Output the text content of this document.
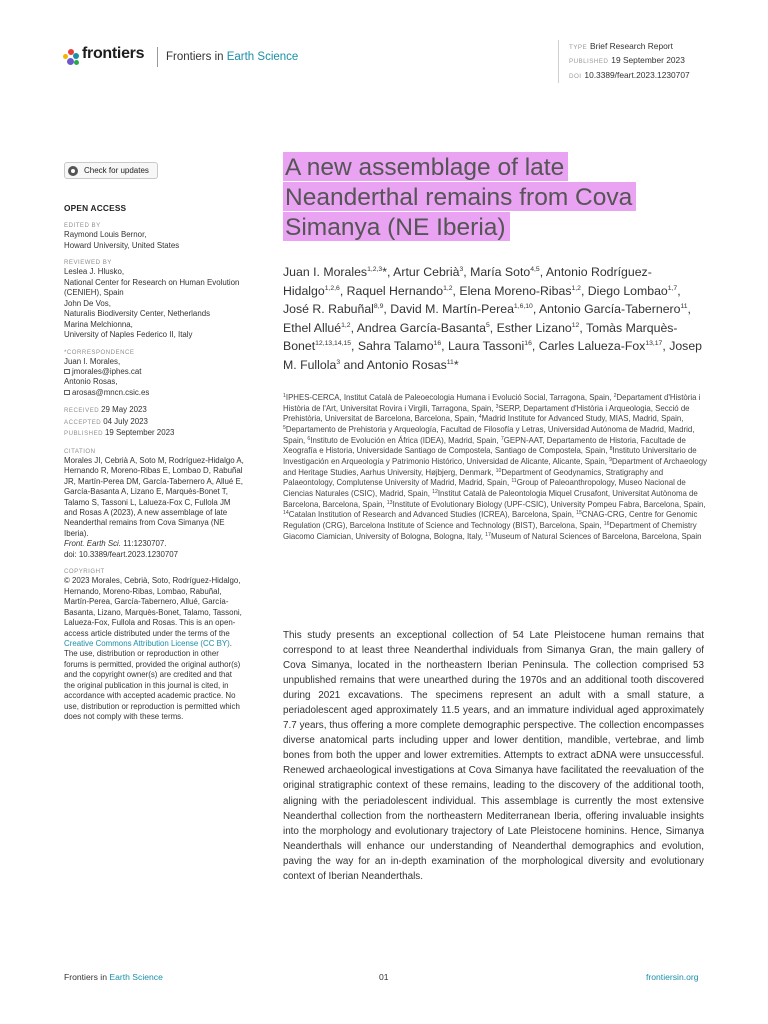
frontiers Frontiers in Earth Science
TYPE Brief Research Report
PUBLISHED 19 September 2023
DOI 10.3389/feart.2023.1230707
Check for updates
OPEN ACCESS
EDITED BY
Raymond Louis Bernor,
Howard University, United States
REVIEWED BY
Leslea J. Hlusko,
National Center for Research on Human Evolution (CENIEH), Spain
John De Vos,
Naturalis Biodiversity Center, Netherlands
Marina Melchionna,
University of Naples Federico II, Italy
*CORRESPONDENCE
Juan I. Morales,
jmorales@iphes.cat
Antonio Rosas,
arosas@mncn.csic.es
RECEIVED 29 May 2023
ACCEPTED 04 July 2023
PUBLISHED 19 September 2023
CITATION
Morales JI, Cebrià A, Soto M, Rodríguez-Hidalgo A, Hernando R, Moreno-Ribas E, Lombao D, Rabuñal JR, Martín-Perea DM, García-Tabernero A, Allué E, García-Basanta A, Lizano E, Marquès-Bonet T, Talamo S, Tassoni L, Lalueza-Fox C, Fullola JM and Rosas A (2023), A new assemblage of late Neanderthal remains from Cova Simanya (NE Iberia).
Front. Earth Sci. 11:1230707.
doi: 10.3389/feart.2023.1230707
COPYRIGHT
© 2023 Morales, Cebrià, Soto, Rodríguez-Hidalgo, Hernando, Moreno-Ribas, Lombao, Rabuñal, Martín-Perea, García-Tabernero, Allué, García-Basanta, Lizano, Marquès-Bonet, Talamo, Tassoni, Lalueza-Fox, Fullola and Rosas. This is an open-access article distributed under the terms of the Creative Commons Attribution License (CC BY). The use, distribution or reproduction in other forums is permitted, provided the original author(s) and the copyright owner(s) are credited and that the original publication in this journal is cited, in accordance with accepted academic practice. No use, distribution or reproduction is permitted which does not comply with these terms.
A new assemblage of late Neanderthal remains from Cova Simanya (NE Iberia)
Juan I. Morales$^{1,2,3}$*, Artur Cebrià$^3$, María Soto$^{4,5}$, Antonio Rodríguez-Hidalgo$^{1,2,6}$, Raquel Hernando$^{1,2}$, Elena Moreno-Ribas$^{1,2}$, Diego Lombao$^{1,7}$, José R. Rabuñal$^{8,9}$, David M. Martín-Perea$^{1,6,10}$, Antonio García-Tabernero$^{11}$, Ethel Allué$^{1,2}$, Andrea García-Basanta$^5$, Esther Lizano$^{12}$, Tomàs Marquès-Bonet$^{12,13,14,15}$, Sahra Talamo$^{16}$, Laura Tassoni$^{16}$, Carles Lalueza-Fox$^{13,17}$, Josep M. Fullola$^3$ and Antonio Rosas$^{11}$*
$^1$IPHES-CERCA, Institut Català de Paleoecologia Humana i Evolució Social, Tarragona, Spain, $^2$Departament d'Història i Història de l'Art, Universitat Rovira i Virgili, Tarragona, Spain, $^3$SERP, Departament d'Història i Arqueologia, Secció de Prehistòria, Universitat de Barcelona, Barcelona, Spain, $^4$Madrid Institute for Advanced Study, MIAS, Madrid, Spain, $^5$Departamento de Prehistoria y Arqueología, Facultad de Filosofía y Letras, Universidad Autónoma de Madrid, Madrid, Spain, $^6$Instituto de Evolución en África (IDEA), Madrid, Spain, $^7$GEPN-AAT, Departamento de Historia, Facultade de Xeografía e Historia, Universidade Santiago de Compostela, Santiago de Compostela, Spain, $^8$Instituto Universitario de Investigación en Arqueología y Patrimonio Histórico, Universidad de Alicante, Alicante, Spain, $^9$Department of Archaeology and Heritage Studies, Aarhus University, Højbjerg, Denmark, $^{10}$Department of Geodynamics, Stratigraphy and Palaeontology, Complutense University of Madrid, Madrid, Spain, $^{11}$Group of Paleoanthropology, Museo Nacional de Ciencias Naturales (CSIC), Madrid, Spain, $^{12}$Institut Català de Paleontologia Miquel Crusafont, Universitat Autònoma de Barcelona, Barcelona, Spain, $^{13}$Institute of Evolutionary Biology (UPF-CSIC), University Pompeu Fabra, Barcelona, Spain, $^{14}$Catalan Institution of Research and Advanced Studies (ICREA), Barcelona, Spain, $^{15}$CNAG-CRG, Centre for Genomic Regulation (CRG), Barcelona Institute of Science and Technology (BIST), Barcelona, Spain, $^{16}$Department of Chemistry Giacomo Ciamician, University of Bologna, Bologna, Italy, $^{17}$Museum of Natural Sciences of Barcelona, Barcelona, Spain

This study presents an exceptional collection of 54 Late Pleistocene human remains that correspond to at least three Neanderthal individuals from Simanya Gran, the main gallery of Cova Simanya, located in the northeastern Iberian Peninsula. The collection comprised 53 unpublished remains that were unearthed during the 1970s and an additional tooth discovered during 2021 excavations. The specimens represent an adult with a small stature, a periadolescent aged approximately 11.5 years, and an immature individual aged approximately 7.7 years, thus offering a more complete demographic perspective. The collection encompasses diverse anatomical parts including upper and lower dentition, mandible, vertebrae, and limb bones from both the upper and lower extremities. Attempts to extract aDNA were unsuccessful. Renewed archaeological investigations at Cova Simanya have facilitated the reevaluation of the original stratigraphic context of these remains, leading to the discovery of the additional tooth, aligning with the periadolescent individual. This assemblage is currently the most extensive Neanderthal collection from the northeastern Mediterranean Iberia, offering invaluable insights into the morphology and evolutionary trajectory of Late Pleistocene hominins. Hence, Simanya Neanderthals will enhance our understanding of Neanderthal demographics and evolution, paving the way for an in-depth examination of the morphological diversity and evolutionary context of Iberian Neanderthals.

Frontiers in Earth Science	01	frontiersin.org
